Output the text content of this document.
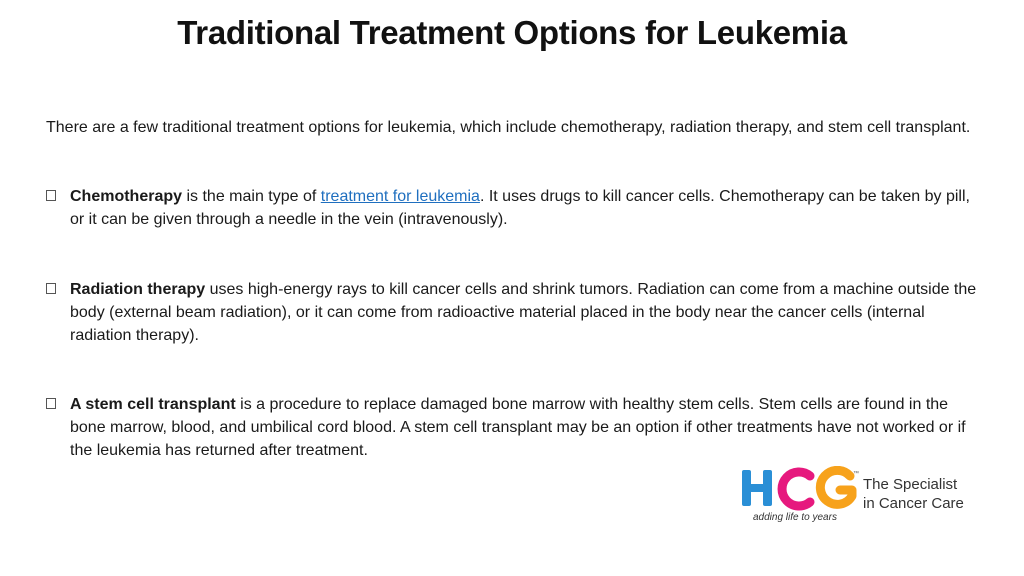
Traditional Treatment Options for Leukemia
There are a few traditional treatment options for leukemia, which include chemotherapy, radiation therapy, and stem cell transplant.
Chemotherapy is the main type of treatment for leukemia. It uses drugs to kill cancer cells. Chemotherapy can be taken by pill, or it can be given through a needle in the vein (intravenously).
Radiation therapy uses high-energy rays to kill cancer cells and shrink tumors. Radiation can come from a machine outside the body (external beam radiation), or it can come from radioactive material placed in the body near the cancer cells (internal radiation therapy).
A stem cell transplant is a procedure to replace damaged bone marrow with healthy stem cells. Stem cells are found in the bone marrow, blood, and umbilical cord blood. A stem cell transplant may be an option if other treatments have not worked or if the leukemia has returned after treatment.
™
adding life to years
The Specialist
in Cancer Care
